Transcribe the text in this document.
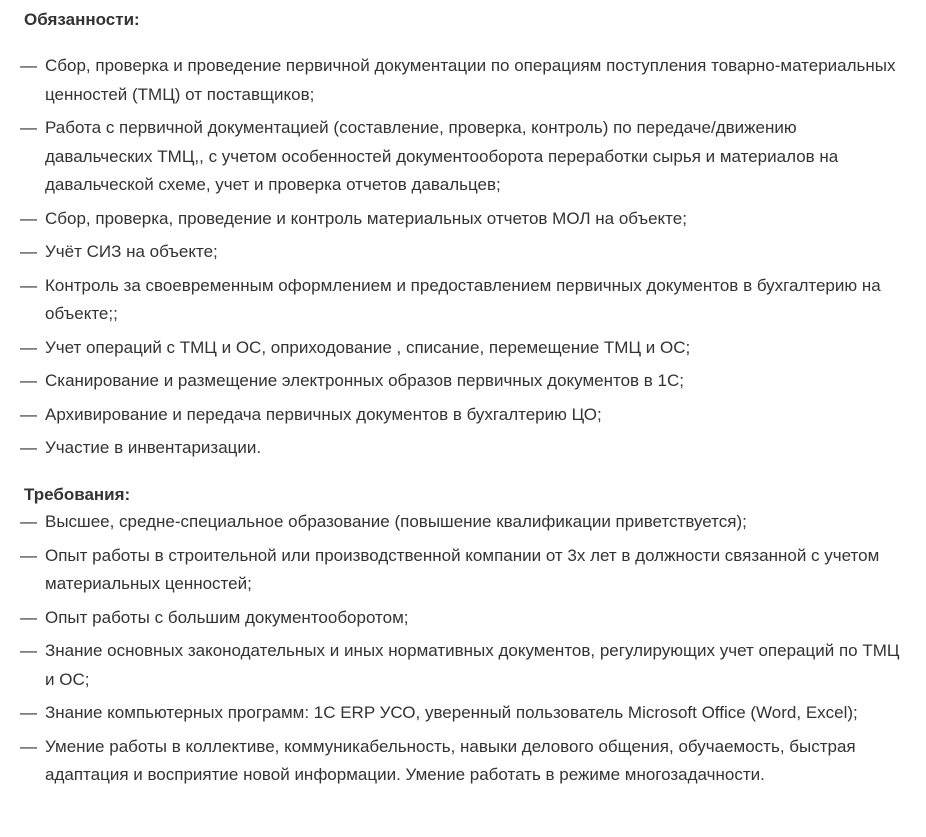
Обязанности:
— Сбор, проверка и проведение первичной документации по операциям поступления товарно-материальных ценностей (ТМЦ) от поставщиков;
— Работа с первичной документацией (составление, проверка, контроль) по передаче/движению давальческих ТМЦ,, с учетом особенностей документооборота переработки сырья и материалов на давальческой схеме, учет и проверка отчетов давальцев;
— Сбор, проверка, проведение и контроль материальных отчетов МОЛ на объекте;
— Учёт СИЗ на объекте;
— Контроль за своевременным оформлением и предоставлением первичных документов в бухгалтерию на объекте;;
— Учет операций с ТМЦ и ОС, оприходование , списание, перемещение ТМЦ и ОС;
— Сканирование и размещение электронных образов первичных документов в 1С;
— Архивирование и передача первичных документов в бухгалтерию ЦО;
— Участие в инвентаризации.
Требования:
— Высшее, средне-специальное образование (повышение квалификации приветствуется);
— Опыт работы в строительной или производственной компании от 3х лет в должности связанной с учетом материальных ценностей;
— Опыт работы с большим документооборотом;
— Знание основных законодательных и иных нормативных документов, регулирующих учет операций по ТМЦ и ОС;
— Знание компьютерных программ: 1С ERP УСО, уверенный пользователь Microsoft Office (Word, Excel);
— Умение работы в коллективе, коммуникабельность, навыки делового общения, обучаемость, быстрая адаптация и восприятие новой информации. Умение работать в режиме многозадачности.
